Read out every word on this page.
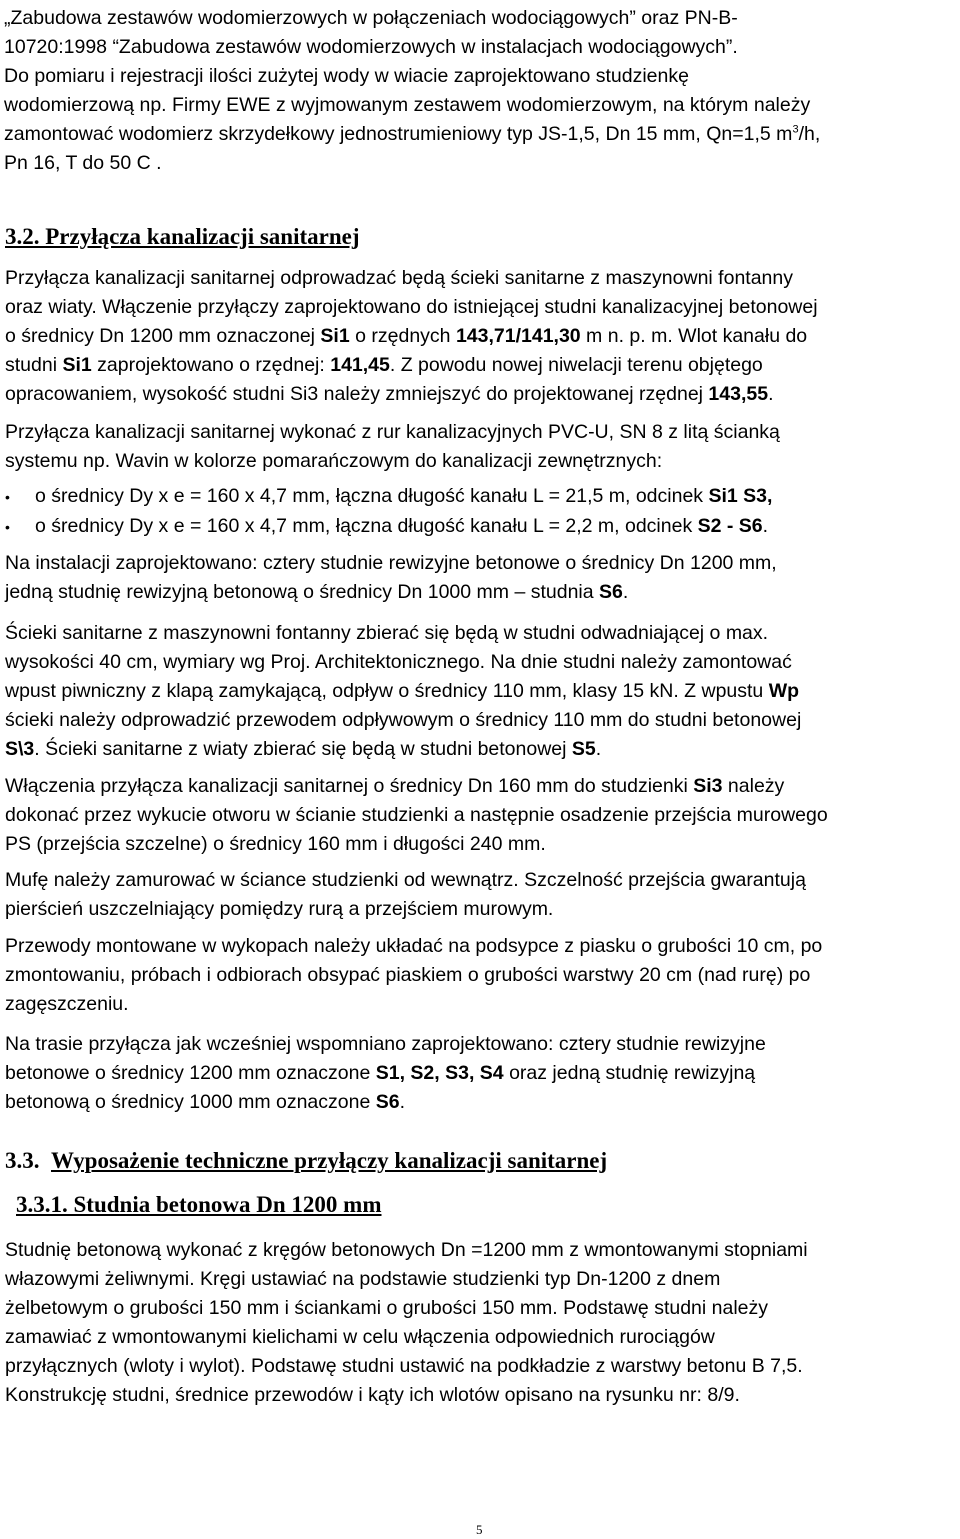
„Zabudowa zestawów wodomierzowych w połączeniach wodociągowych” oraz PN-B-
10720:1998 “Zabudowa zestawów wodomierzowych w instalacjach wodociągowych”.
Do pomiaru i rejestracji ilości zużytej wody w wiacie zaprojektowano studzienkę
wodomierzową np. Firmy EWE z wyjmowanym zestawem wodomierzowym, na którym należy
zamontować wodomierz skrzydełkowy jednostrumieniowy typ JS-1,5, Dn 15 mm, Qn=1,5 $m^3/h$,
Pn 16, T do 50 C .
3.2. Przyłącza kanalizacji sanitarnej
Przyłącza kanalizacji sanitarnej odprowadzać będą ścieki sanitarne z maszynowni fontanny
oraz wiaty. Włączenie przyłączy zaprojektowano do istniejącej studni kanalizacyjnej betonowej
o średnicy Dn 1200 mm oznaczonej Si1 o rzędnych 143,71/141,30 m n. p. m. Wlot kanału do
studni Si1 zaprojektowano o rzędnej: 141,45. Z powodu nowej niwelacji terenu objętego
opracowaniem, wysokość studni Si3 należy zmniejszyć do projektowanej rzędnej 143,55.
Przyłącza kanalizacji sanitarnej wykonać z rur kanalizacyjnych PVC-U, SN 8 z litą ścianką
systemu np. Wavin w kolorze pomarańczowym do kanalizacji zewnętrznych:
•	o średnicy Dy x e = 160 x 4,7 mm, łączna długość kanału L = 21,5 m, odcinek Si1 S3,
•	o średnicy Dy x e = 160 x 4,7 mm, łączna długość kanału L = 2,2 m, odcinek S2 - S6.
Na instalacji zaprojektowano: cztery studnie rewizyjne betonowe o średnicy Dn 1200 mm,
jedną studnię rewizyjną betonową o średnicy Dn 1000 mm – studnia S6.
Ścieki sanitarne z maszynowni fontanny zbierać się będą w studni odwadniającej o max.
wysokości 40 cm, wymiary wg Proj. Architektonicznego. Na dnie studni należy zamontować
wpust piwniczny z klapą zamykającą, odpływ o średnicy 110 mm, klasy 15 kN. Z wpustu Wp
ścieki należy odprowadzić przewodem odpływowym o średnicy 110 mm do studni betonowej
S\3. Ścieki sanitarne z wiaty zbierać się będą w studni betonowej S5.
Włączenia przyłącza kanalizacji sanitarnej o średnicy Dn 160 mm do studzienki Si3 należy
dokonać przez wykucie otworu w ścianie studzienki a następnie osadzenie przejścia murowego
PS (przejścia szczelne) o średnicy 160 mm i długości 240 mm.
Mufę należy zamurować w ściance studzienki od wewnątrz. Szczelność przejścia gwarantują
pierścień uszczelniający pomiędzy rurą a przejściem murowym.
Przewody montowane w wykopach należy układać na podsypce z piasku o grubości 10 cm, po
zmontowaniu, próbach i odbiorach obsypać piaskiem o grubości warstwy 20 cm (nad rurę) po
zagęszczeniu.
Na trasie przyłącza jak wcześniej wspomniano zaprojektowano: cztery studnie rewizyjne
betonowe o średnicy 1200 mm oznaczone S1, S2, S3, S4 oraz jedną studnię rewizyjną
betonową o średnicy 1000 mm oznaczone S6.
3.3. Wyposażenie techniczne przyłączy kanalizacji sanitarnej
3.3.1. Studnia betonowa Dn 1200 mm
Studnię betonową wykonać z kręgów betonowych Dn =1200 mm z wmontowanymi stopniami
włazowymi żeliwnymi. Kręgi ustawiać na podstawie studzienki typ Dn-1200 z dnem
żelbetowym o grubości 150 mm i ściankami o grubości 150 mm. Podstawę studni należy
zamawiać z wmontowanymi kielichami w celu włączenia odpowiednich rurociągów
przyłącznych (wloty i wylot). Podstawę studni ustawić na podkładzie z warstwy betonu B 7,5.
Konstrukcję studni, średnice przewodów i kąty ich wlotów opisano na rysunku nr: 8/9.
5
